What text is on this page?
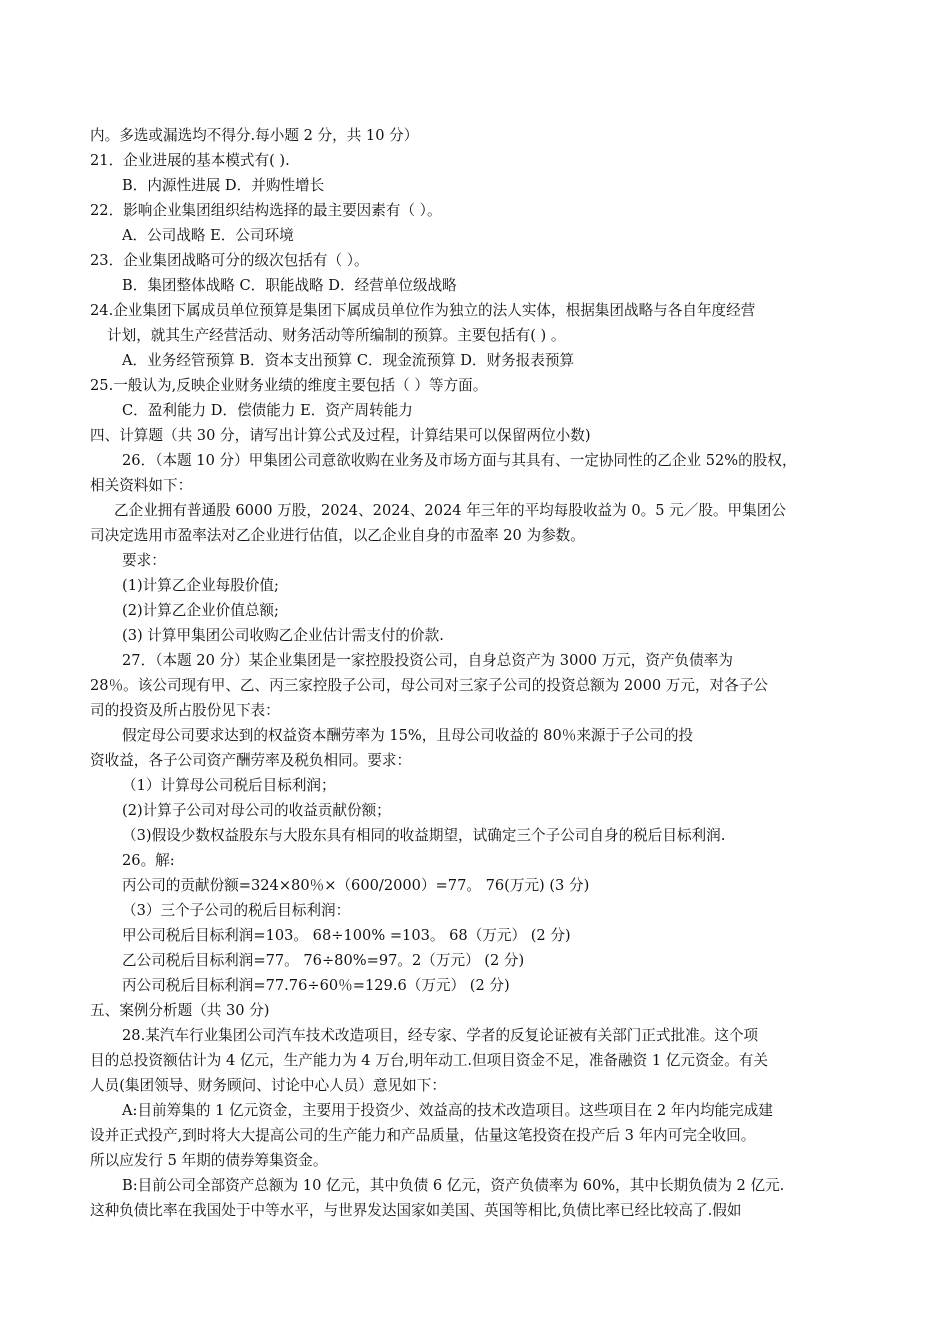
内。多选或漏选均不得分.每小题 2 分，共 10 分）
21．企业进展的基本模式有( ).
B．内源性进展 D．并购性增长
22．影响企业集团组织结构选择的最主要因素有（ ）。
A．公司战略 E．公司环境
23．企业集团战略可分的级次包括有（ ）。
B．集团整体战略 C．职能战略 D．经营单位级战略
24.企业集团下属成员单位预算是集团下属成员单位作为独立的法人实体，根据集团战略与各自年度经营
计划，就其生产经营活动、财务活动等所编制的预算。主要包括有( ) 。
A．业务经管预算 B．资本支出预算 C．现金流预算 D．财务报表预算
25.一般认为,反映企业财务业绩的维度主要包括（ ）等方面。
C．盈利能力 D．偿债能力 E．资产周转能力
四、计算题（共 30 分，请写出计算公式及过程，计算结果可以保留两位小数)
26．（本题 10 分）甲集团公司意欲收购在业务及市场方面与其具有、一定协同性的乙企业 52%的股权，
相关资料如下：
乙企业拥有普通股 6000 万股，2024、2024、2024 年三年的平均每股收益为 0。5 元／股。甲集团公
司决定选用市盈率法对乙企业进行估值，以乙企业自身的市盈率 20 为参数。
要求：
(1)计算乙企业每股价值;
(2)计算乙企业价值总额;
(3) 计算甲集团公司收购乙企业估计需支付的价款.
27．（本题 20 分）某企业集团是一家控股投资公司，自身总资产为 3000 万元，资产负债率为
28％。该公司现有甲、乙、丙三家控股子公司，母公司对三家子公司的投资总额为 2000 万元，对各子公
司的投资及所占股份见下表：
假定母公司要求达到的权益资本酬劳率为 15%，且母公司收益的 80％来源于子公司的投
资收益，各子公司资产酬劳率及税负相同。要求：
（1）计算母公司税后目标利润；
(2)计算子公司对母公司的收益贡献份额；
（3)假设少数权益股东与大股东具有相同的收益期望，试确定三个子公司自身的税后目标利润.
26。解:
丙公司的贡献份额=324×80％×（600/2000）=77。 76(万元) (3 分)
（3）三个子公司的税后目标利润：
甲公司税后目标利润=103。 68÷100% =103。 68（万元） (2 分)
乙公司税后目标利润=77。 76÷80%=97。2（万元） (2 分)
丙公司税后目标利润=77.76÷60％=129.6（万元） (2 分)
五、案例分析题（共 30 分)
28.某汽车行业集团公司汽车技术改造项目，经专家、学者的反复论证被有关部门正式批准。这个项
目的总投资额估计为 4 亿元，生产能力为 4 万台,明年动工.但项目资金不足，准备融资 1 亿元资金。有关
人员(集团领导、财务顾问、讨论中心人员）意见如下：
A:目前筹集的 1 亿元资金，主要用于投资少、效益高的技术改造项目。这些项目在 2 年内均能完成建
设并正式投产,到时将大大提高公司的生产能力和产品质量，估量这笔投资在投产后 3 年内可完全收回。
所以应发行 5 年期的债券筹集资金。
B:目前公司全部资产总额为 10 亿元，其中负债 6 亿元，资产负债率为 60%，其中长期负债为 2 亿元.
这种负债比率在我国处于中等水平，与世界发达国家如美国、英国等相比,负债比率已经比较高了.假如
